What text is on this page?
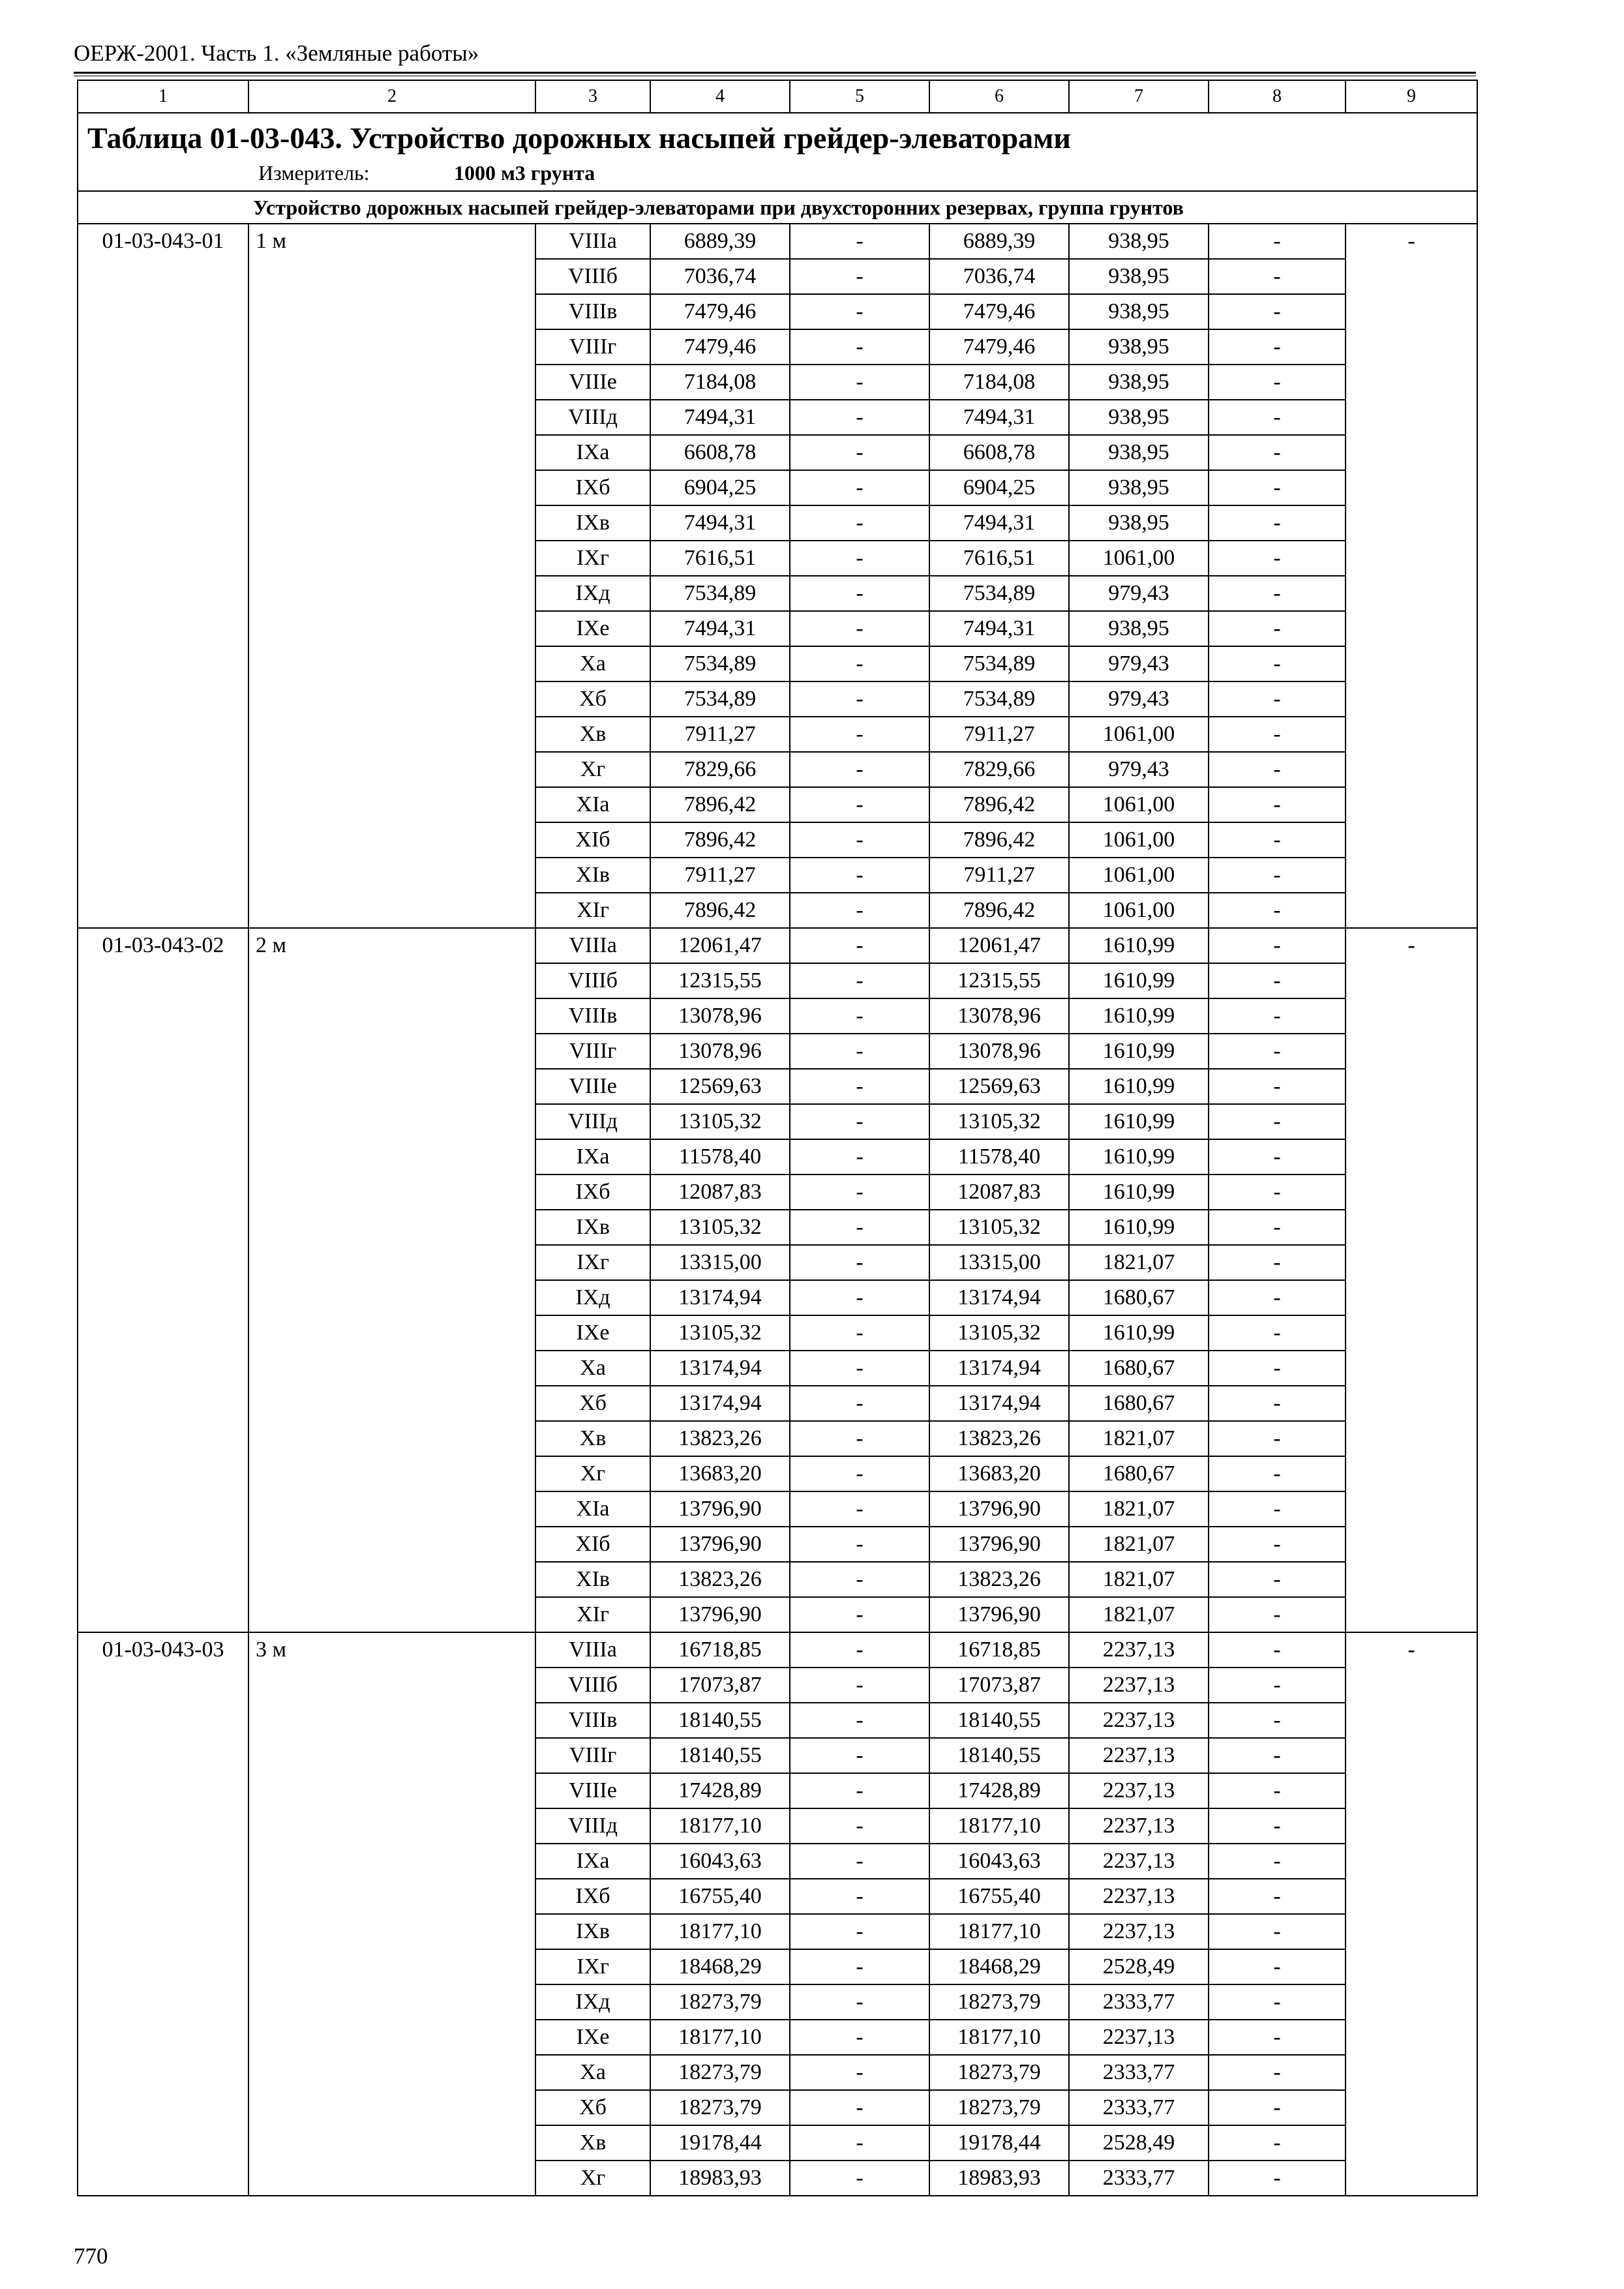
ОЕРЖ-2001. Часть 1. «Земляные работы»
1	2	3	4	5	6	7	8	9

Таблица 01-03-043. Устройство дорожных насыпей грейдер-элеваторами
Измеритель: 1000 м3 грунта								

Устройство дорожных насыпей грейдер-элеваторами при двухсторонних резервах, группа грунтов								
01-03-043-01	1 м	VIIIа	6889,39	-	6889,39	938,95	-	-
		VIIIб	7036,74	-	7036,74	938,95	-	
		VIIIв	7479,46	-	7479,46	938,95	-	
		VIIIг	7479,46	-	7479,46	938,95	-	
		VIIIе	7184,08	-	7184,08	938,95	-	
		VIIIд	7494,31	-	7494,31	938,95	-	
		IXа	6608,78	-	6608,78	938,95	-	
		IXб	6904,25	-	6904,25	938,95	-	
		IXв	7494,31	-	7494,31	938,95	-	
		IXг	7616,51	-	7616,51	1061,00	-	
		IXд	7534,89	-	7534,89	979,43	-	
		IXе	7494,31	-	7494,31	938,95	-	
		Xа	7534,89	-	7534,89	979,43	-	
		Xб	7534,89	-	7534,89	979,43	-	
		Xв	7911,27	-	7911,27	1061,00	-	
		Xг	7829,66	-	7829,66	979,43	-	
		XIа	7896,42	-	7896,42	1061,00	-	
		XIб	7896,42	-	7896,42	1061,00	-	
		XIв	7911,27	-	7911,27	1061,00	-	
		XIг	7896,42	-	7896,42	1061,00	-	
01-03-043-02	2 м	VIIIа	12061,47	-	12061,47	1610,99	-	-
		VIIIб	12315,55	-	12315,55	1610,99	-	
		VIIIв	13078,96	-	13078,96	1610,99	-	
		VIIIг	13078,96	-	13078,96	1610,99	-	
		VIIIе	12569,63	-	12569,63	1610,99	-	
		VIIIд	13105,32	-	13105,32	1610,99	-	
		IXа	11578,40	-	11578,40	1610,99	-	
		IXб	12087,83	-	12087,83	1610,99	-	
		IXв	13105,32	-	13105,32	1610,99	-	
		IXг	13315,00	-	13315,00	1821,07	-	
		IXд	13174,94	-	13174,94	1680,67	-	
		IXе	13105,32	-	13105,32	1610,99	-	
		Xа	13174,94	-	13174,94	1680,67	-	
		Xб	13174,94	-	13174,94	1680,67	-	
		Xв	13823,26	-	13823,26	1821,07	-	
		Xг	13683,20	-	13683,20	1680,67	-	
		XIа	13796,90	-	13796,90	1821,07	-	
		XIб	13796,90	-	13796,90	1821,07	-	
		XIв	13823,26	-	13823,26	1821,07	-	
		XIг	13796,90	-	13796,90	1821,07	-	
01-03-043-03	3 м	VIIIа	16718,85	-	16718,85	2237,13	-	-
		VIIIб	17073,87	-	17073,87	2237,13	-	
		VIIIв	18140,55	-	18140,55	2237,13	-	
		VIIIг	18140,55	-	18140,55	2237,13	-	
		VIIIе	17428,89	-	17428,89	2237,13	-	
		VIIIд	18177,10	-	18177,10	2237,13	-	
		IXа	16043,63	-	16043,63	2237,13	-	
		IXб	16755,40	-	16755,40	2237,13	-	
		IXв	18177,10	-	18177,10	2237,13	-	
		IXг	18468,29	-	18468,29	2528,49	-	
		IXд	18273,79	-	18273,79	2333,77	-	
		IXе	18177,10	-	18177,10	2237,13	-	
		Xа	18273,79	-	18273,79	2333,77	-	
		Xб	18273,79	-	18273,79	2333,77	-	
		Xв	19178,44	-	19178,44	2528,49	-	
		Xг	18983,93	-	18983,93	2333,77	-	
770
